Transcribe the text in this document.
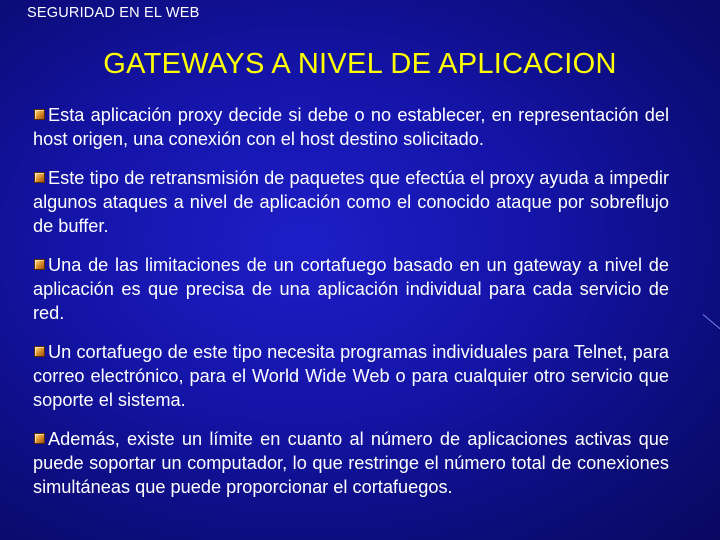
SEGURIDAD EN EL WEB
GATEWAYS A NIVEL DE APLICACION

Esta aplicación proxy decide si debe o no establecer, en representación del host origen, una conexión con el host destino solicitado.

Este tipo de retransmisión de paquetes que efectúa el proxy ayuda a impedir algunos ataques a nivel de aplicación como el conocido ataque por sobreflujo de buffer.

Una de las limitaciones de un cortafuego basado en un gateway a nivel de aplicación es que precisa de una aplicación individual para cada servicio de red.

Un cortafuego de este tipo necesita programas individuales para Telnet, para correo electrónico, para el World Wide Web o para cualquier otro servicio que soporte el sistema.

Además, existe un límite en cuanto al número de aplicaciones activas que puede soportar un computador, lo que restringe el número total de conexiones simultáneas que puede proporcionar el cortafuegos.
